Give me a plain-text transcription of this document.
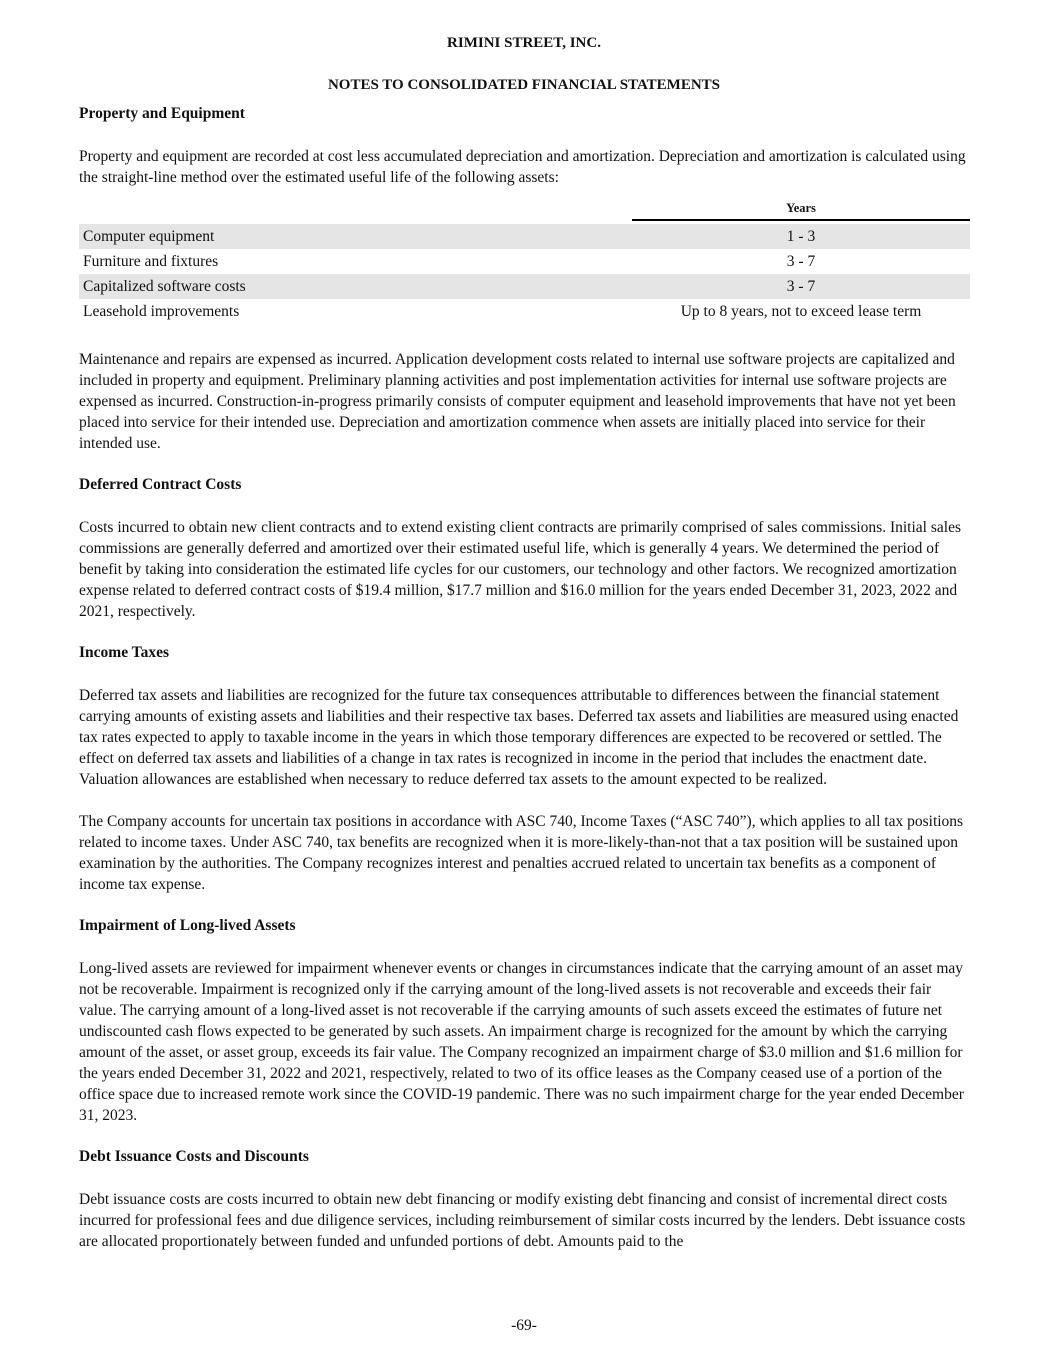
RIMINI STREET, INC.
NOTES TO CONSOLIDATED FINANCIAL STATEMENTS
Property and Equipment

Property and equipment are recorded at cost less accumulated depreciation and amortization. Depreciation and amortization is calculated using the straight-line method over the estimated useful life of the following assets:

	Years

Computer equipment	1 - 3
Furniture and fixtures	3 - 7
Capitalized software costs	3 - 7
Leasehold improvements	Up to 8 years, not to exceed lease term

Maintenance and repairs are expensed as incurred. Application development costs related to internal use software projects are capitalized and included in property and equipment. Preliminary planning activities and post implementation activities for internal use software projects are expensed as incurred. Construction-in-progress primarily consists of computer equipment and leasehold improvements that have not yet been placed into service for their intended use. Depreciation and amortization commence when assets are initially placed into service for their intended use.

Deferred Contract Costs

Costs incurred to obtain new client contracts and to extend existing client contracts are primarily comprised of sales commissions. Initial sales commissions are generally deferred and amortized over their estimated useful life, which is generally 4 years. We determined the period of benefit by taking into consideration the estimated life cycles for our customers, our technology and other factors. We recognized amortization expense related to deferred contract costs of $19.4 million, $17.7 million and $16.0 million for the years ended December 31, 2023, 2022 and 2021, respectively.

Income Taxes

Deferred tax assets and liabilities are recognized for the future tax consequences attributable to differences between the financial statement carrying amounts of existing assets and liabilities and their respective tax bases. Deferred tax assets and liabilities are measured using enacted tax rates expected to apply to taxable income in the years in which those temporary differences are expected to be recovered or settled. The effect on deferred tax assets and liabilities of a change in tax rates is recognized in income in the period that includes the enactment date. Valuation allowances are established when necessary to reduce deferred tax assets to the amount expected to be realized.

The Company accounts for uncertain tax positions in accordance with ASC 740, Income Taxes (“ASC 740”), which applies to all tax positions related to income taxes. Under ASC 740, tax benefits are recognized when it is more-likely-than-not that a tax position will be sustained upon examination by the authorities. The Company recognizes interest and penalties accrued related to uncertain tax benefits as a component of income tax expense.

Impairment of Long-lived Assets

Long-lived assets are reviewed for impairment whenever events or changes in circumstances indicate that the carrying amount of an asset may not be recoverable. Impairment is recognized only if the carrying amount of the long-lived assets is not recoverable and exceeds their fair value. The carrying amount of a long-lived asset is not recoverable if the carrying amounts of such assets exceed the estimates of future net undiscounted cash flows expected to be generated by such assets. An impairment charge is recognized for the amount by which the carrying amount of the asset, or asset group, exceeds its fair value. The Company recognized an impairment charge of $3.0 million and $1.6 million for the years ended December 31, 2022 and 2021, respectively, related to two of its office leases as the Company ceased use of a portion of the office space due to increased remote work since the COVID-19 pandemic. There was no such impairment charge for the year ended December 31, 2023.

Debt Issuance Costs and Discounts

Debt issuance costs are costs incurred to obtain new debt financing or modify existing debt financing and consist of incremental direct costs incurred for professional fees and due diligence services, including reimbursement of similar costs incurred by the lenders. Debt issuance costs are allocated proportionately between funded and unfunded portions of debt. Amounts paid to the

-69-
